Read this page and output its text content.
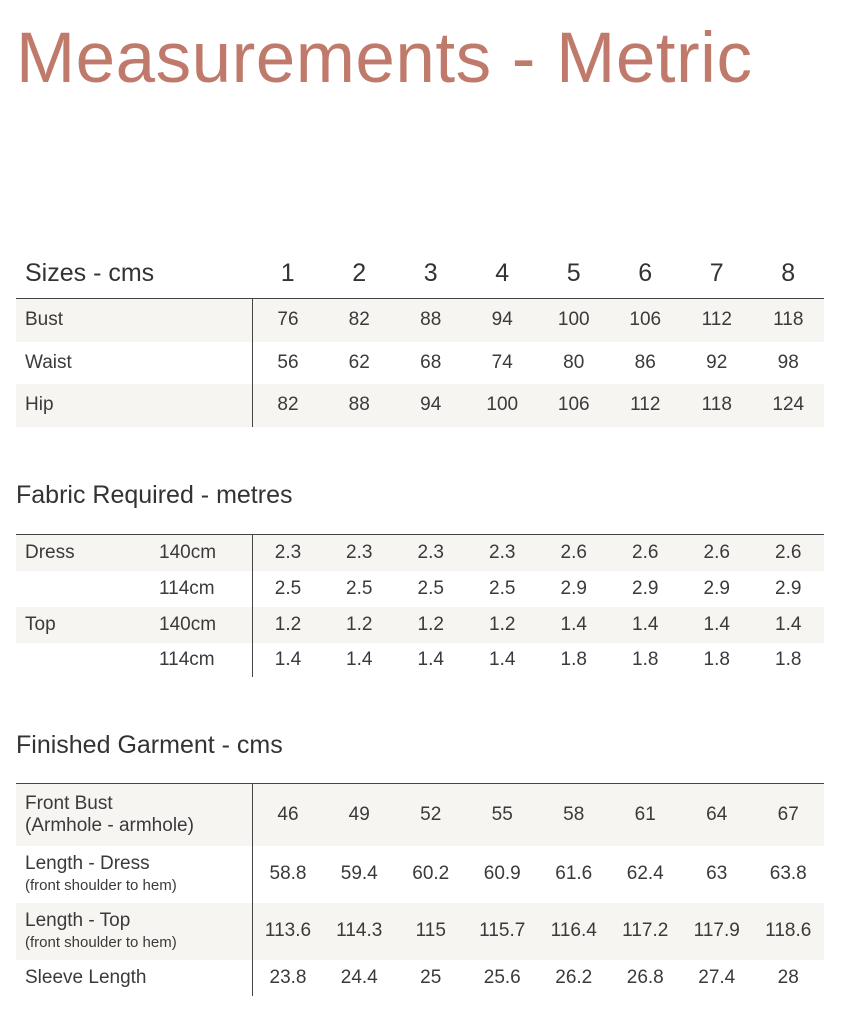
Measurements - Metric
Sizes - cms	1	2	3	4	5	6	7	8
Bust	76	82	88	94	100	106	112	118
Waist	56	62	68	74	80	86	92	98
Hip	82	88	94	100	106	112	118	124
Fabric Required - metres
Dress	140cm	2.3	2.3	2.3	2.3	2.6	2.6	2.6	2.6
	114cm	2.5	2.5	2.5	2.5	2.9	2.9	2.9	2.9
Top	140cm	1.2	1.2	1.2	1.2	1.4	1.4	1.4	1.4
	114cm	1.4	1.4	1.4	1.4	1.8	1.8	1.8	1.8
Finished Garment - cms
Front Bust
(Armhole - armhole)	46	49	52	55	58	61	64	67

Length - Dress
(front shoulder to hem)	58.8	59.4	60.2	60.9	61.6	62.4	63	63.8

Length - Top
(front shoulder to hem)	113.6	114.3	115	115.7	116.4	117.2	117.9	118.6

Sleeve Length	23.8	24.4	25	25.6	26.2	26.8	27.4	28
